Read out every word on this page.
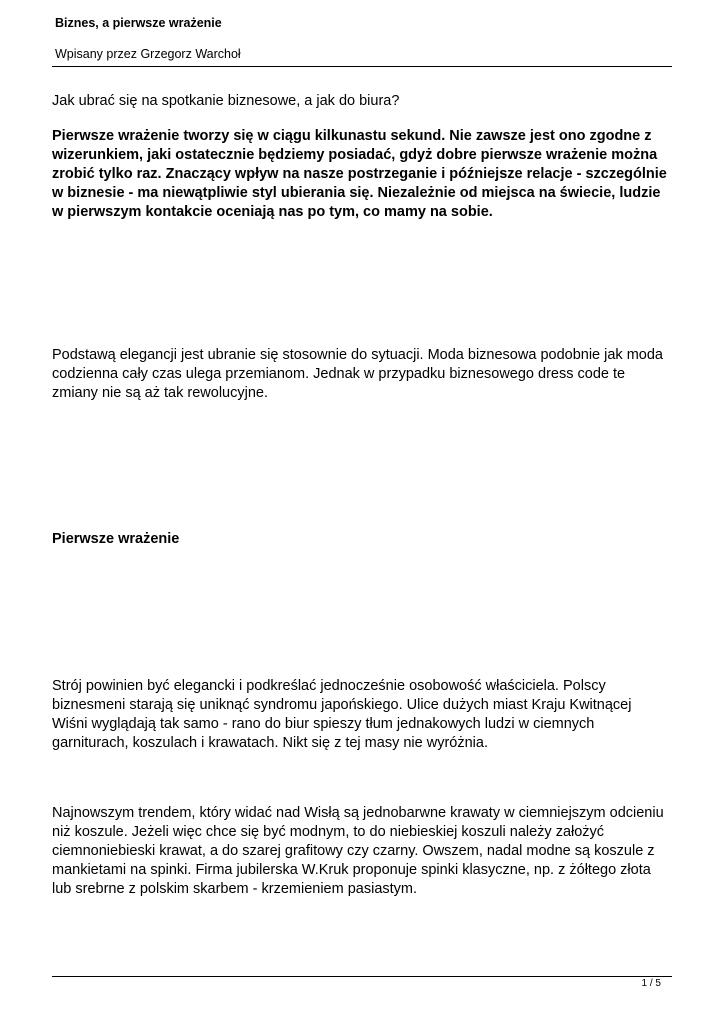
Biznes, a pierwsze wrażenie
Wpisany przez Grzegorz Warchoł

Jak ubrać się na spotkanie biznesowe, a jak do biura?

Pierwsze wrażenie tworzy się w ciągu kilkunastu sekund. Nie zawsze jest ono zgodne z
wizerunkiem, jaki ostatecznie będziemy posiadać, gdyż dobre pierwsze wrażenie można
zrobić tylko raz. Znaczący wpływ na nasze postrzeganie i późniejsze relacje - szczególnie
w biznesie - ma niewątpliwie styl ubierania się. Niezależnie od miejsca na świecie, ludzie
w pierwszym kontakcie oceniają nas po tym, co mamy na sobie.

Podstawą elegancji jest ubranie się stosownie do sytuacji. Moda biznesowa podobnie jak moda
codzienna cały czas ulega przemianom. Jednak w przypadku biznesowego dress code te
zmiany nie są aż tak rewolucyjne.

Pierwsze wrażenie

Strój powinien być elegancki i podkreślać jednocześnie osobowość właściciela. Polscy
biznesmeni starają się uniknąć syndromu japońskiego. Ulice dużych miast Kraju Kwitnącej
Wiśni wyglądają tak samo - rano do biur spieszy tłum jednakowych ludzi w ciemnych
garniturach, koszulach i krawatach. Nikt się z tej masy nie wyróżnia.

Najnowszym trendem, który widać nad Wisłą są jednobarwne krawaty w ciemniejszym odcieniu
niż koszule. Jeżeli więc chce się być modnym, to do niebieskiej koszuli należy założyć
ciemnoniebieski krawat, a do szarej grafitowy czy czarny. Owszem, nadal modne są koszule z
mankietami na spinki. Firma jubilerska W.Kruk proponuje spinki klasyczne, np. z żółtego złota
lub srebrne z polskim skarbem - krzemieniem pasiastym.

1 / 5
